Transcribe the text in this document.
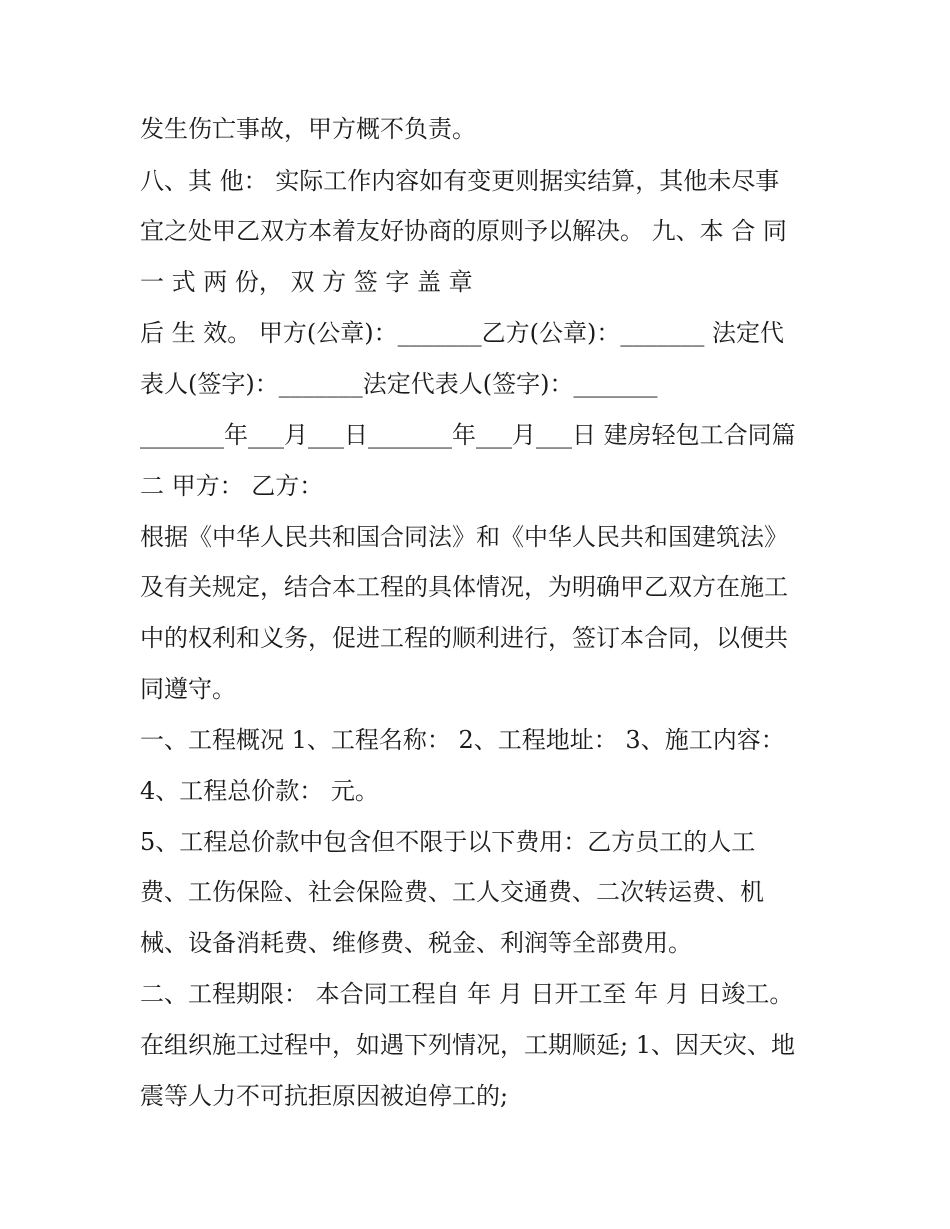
发生伤亡事故，甲方概不负责。
八、其 他： 实际工作内容如有变更则据实结算，其他未尽事
宜之处甲乙双方本着友好协商的原则予以解决。 九、本 合 同
一 式 两 份， 双 方 签 字 盖 章
后 生 效。 甲方(公章)：_______乙方(公章)：_______ 法定代
表人(签字)：_______法定代表人(签字)：_______
_______年___月___日_______年___月___日 建房轻包工合同篇
二 甲方： 乙方：
根据《中华人民共和国合同法》和《中华人民共和国建筑法》
及有关规定，结合本工程的具体情况，为明确甲乙双方在施工
中的权利和义务，促进工程的顺利进行，签订本合同，以便共
同遵守。
一、工程概况 1、工程名称： 2、工程地址： 3、施工内容：
4、工程总价款： 元。
5、工程总价款中包含但不限于以下费用：乙方员工的人工
费、工伤保险、社会保险费、工人交通费、二次转运费、机
械、设备消耗费、维修费、税金、利润等全部费用。
二、工程期限： 本合同工程自 年 月 日开工至 年 月 日竣工。
在组织施工过程中，如遇下列情况，工期顺延; 1、因天灾、地
震等人力不可抗拒原因被迫停工的;
